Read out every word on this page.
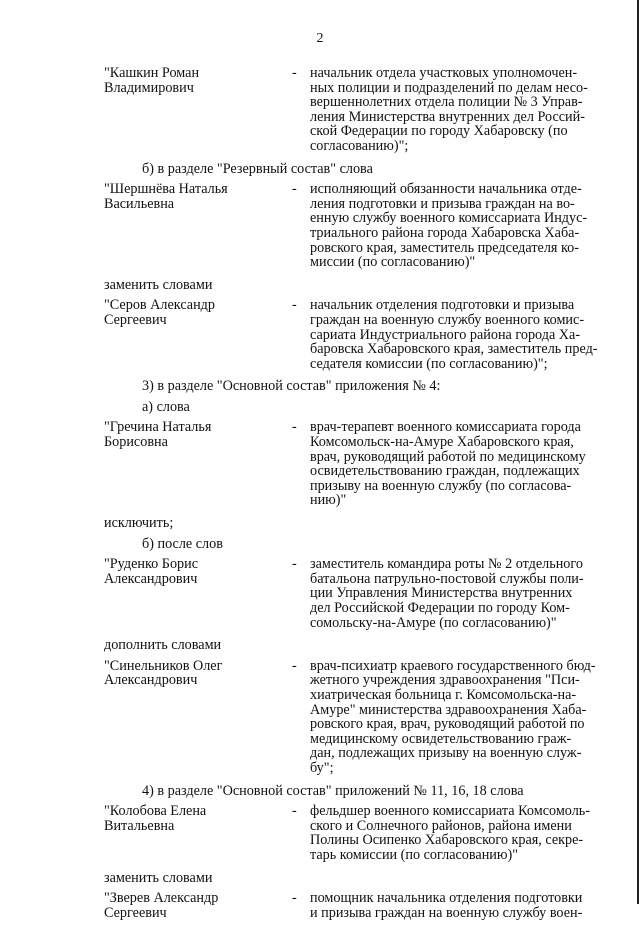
2
"Кашкин Роман
Владимирович
- начальник отдела участковых уполномочен-
ных полиции и подразделений по делам несо-
вершеннолетних отдела полиции № 3 Управ-
ления Министерства внутренних дел Россий-
ской Федерации по городу Хабаровску (по
согласованию)";
б) в разделе "Резервный состав" слова
"Шершнёва Наталья
Васильевна
- исполняющий обязанности начальника отде-
ления подготовки и призыва граждан на во-
енную службу военного комиссариата Индус-
триального района города Хабаровска Хаба-
ровского края, заместитель председателя ко-
миссии (по согласованию)"
заменить словами
"Серов Александр
Сергеевич
- начальник отделения подготовки и призыва
граждан на военную службу военного комис-
сариата Индустриального района города Ха-
баровска Хабаровского края, заместитель пред-
седателя комиссии (по согласованию)";
3) в разделе "Основной состав" приложения № 4:
а) слова
"Гречина Наталья
Борисовна
- врач-терапевт военного комиссариата города
Комсомольск-на-Амуре Хабаровского края,
врач, руководящий работой по медицинскому
освидетельствованию граждан, подлежащих
призыву на военную службу (по согласова-
нию)"
исключить;
б) после слов
"Руденко Борис
Александрович
- заместитель командира роты № 2 отдельного
батальона патрульно-постовой службы поли-
ции Управления Министерства внутренних
дел Российской Федерации по городу Ком-
сомольску-на-Амуре (по согласованию)"
дополнить словами
"Синельников Олег
Александрович
- врач-психиатр краевого государственного бюд-
жетного учреждения здравоохранения "Пси-
хиатрическая больница г. Комсомольска-на-
Амуре" министерства здравоохранения Хаба-
ровского края, врач, руководящий работой по
медицинскому освидетельствованию граж-
дан, подлежащих призыву на военную служ-
бу";
4) в разделе "Основной состав" приложений № 11, 16, 18 слова
"Колобова Елена
Витальевна
- фельдшер военного комиссариата Комсомоль-
ского и Солнечного районов, района имени
Полины Осипенко Хабаровского края, секре-
тарь комиссии (по согласованию)"
заменить словами
"Зверев Александр
Сергеевич
- помощник начальника отделения подготовки
и призыва граждан на военную службу воен-
